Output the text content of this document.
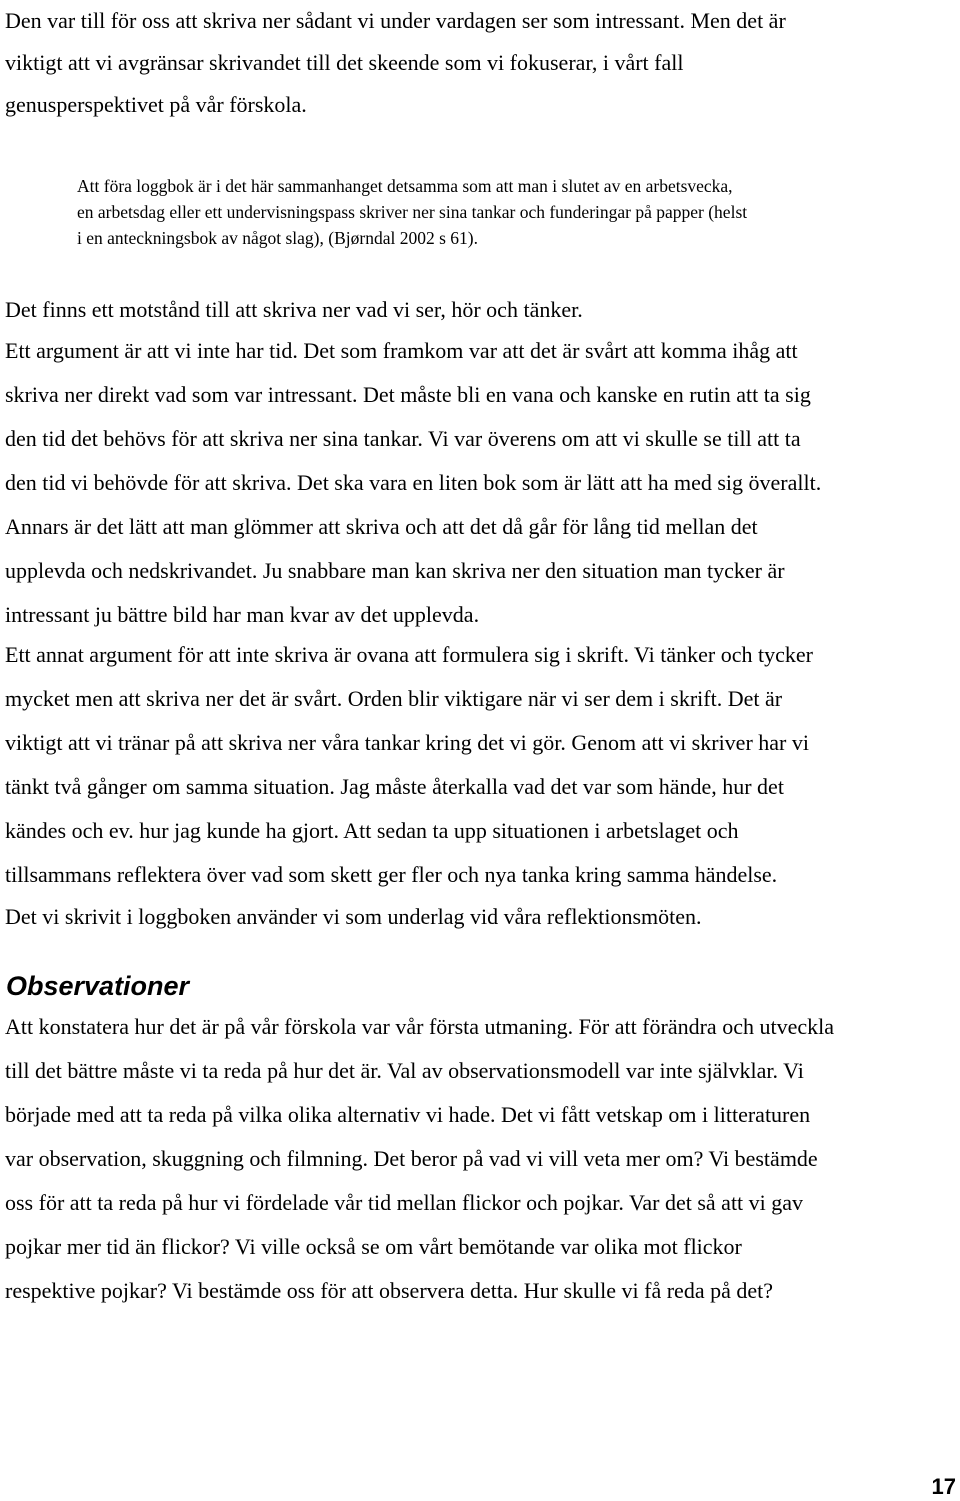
Den var till för oss att skriva ner sådant vi under vardagen ser som intressant. Men det är
viktigt att vi avgränsar skrivandet till det skeende som vi fokuserar, i vårt fall
genusperspektivet på vår förskola.
Att föra loggbok är i det här sammanhanget detsamma som att man i slutet av en arbetsvecka,
en arbetsdag eller ett undervisningspass skriver ner sina tankar och funderingar på papper (helst
i en anteckningsbok av något slag), (Bjørndal 2002 s 61).
Det finns ett motstånd till att skriva ner vad vi ser, hör och tänker.
Ett argument är att vi inte har tid. Det som framkom var att det är svårt att komma ihåg att
skriva ner direkt vad som var intressant. Det måste bli en vana och kanske en rutin att ta sig
den tid det behövs för att skriva ner sina tankar. Vi var överens om att vi skulle se till att ta
den tid vi behövde för att skriva. Det ska vara en liten bok som är lätt att ha med sig överallt.
Annars är det lätt att man glömmer att skriva och att det då går för lång tid mellan det
upplevda och nedskrivandet. Ju snabbare man kan skriva ner den situation man tycker är
intressant ju bättre bild har man kvar av det upplevda.
Ett annat argument för att inte skriva är ovana att formulera sig i skrift. Vi tänker och tycker
mycket men att skriva ner det är svårt. Orden blir viktigare när vi ser dem i skrift. Det är
viktigt att vi tränar på att skriva ner våra tankar kring det vi gör. Genom att vi skriver har vi
tänkt två gånger om samma situation. Jag måste återkalla vad det var som hände, hur det
kändes och ev. hur jag kunde ha gjort. Att sedan ta upp situationen i arbetslaget och
tillsammans reflektera över vad som skett ger fler och nya tanka kring samma händelse.
Det vi skrivit i loggboken använder vi som underlag vid våra reflektionsmöten.
Observationer
Att konstatera hur det är på vår förskola var vår första utmaning. För att förändra och utveckla
till det bättre måste vi ta reda på hur det är. Val av observationsmodell var inte självklar. Vi
började med att ta reda på vilka olika alternativ vi hade. Det vi fått vetskap om i litteraturen
var observation, skuggning och filmning. Det beror på vad vi vill veta mer om? Vi bestämde
oss för att ta reda på hur vi fördelade vår tid mellan flickor och pojkar. Var det så att vi gav
pojkar mer tid än flickor? Vi ville också se om vårt bemötande var olika mot flickor
respektive pojkar? Vi bestämde oss för att observera detta. Hur skulle vi få reda på det?
17
